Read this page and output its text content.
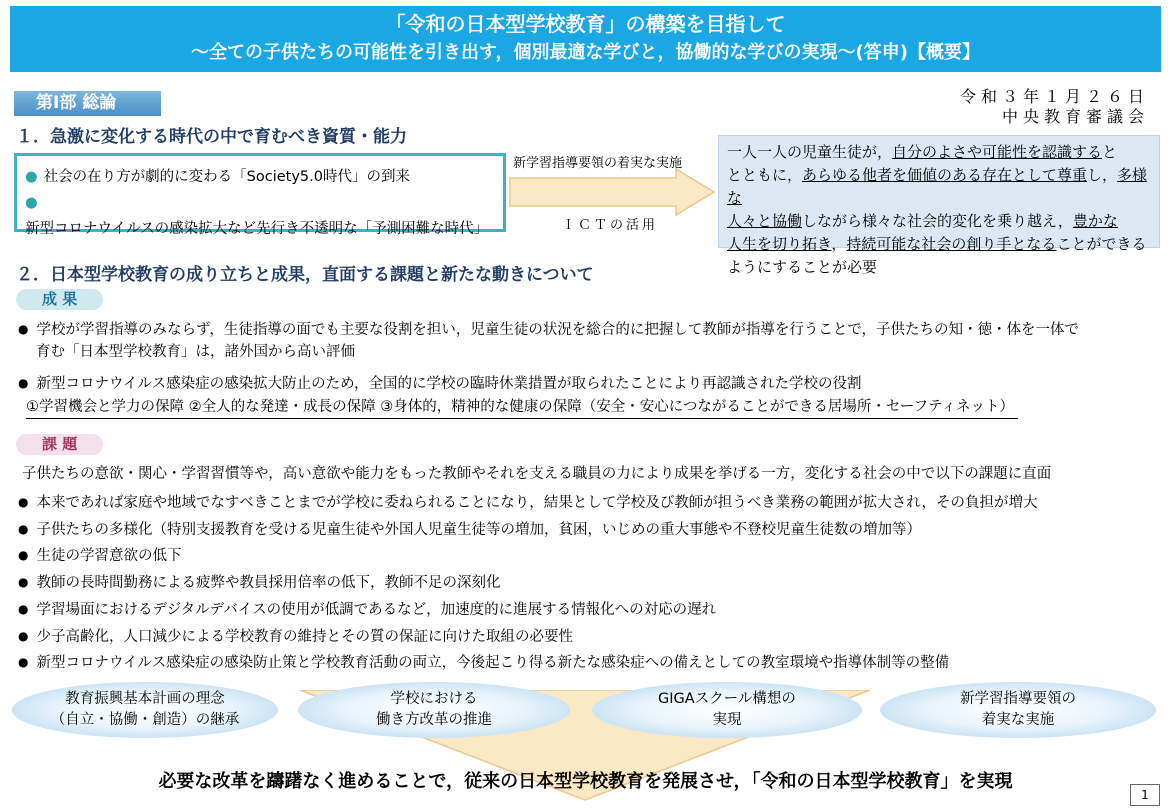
「令和の日本型学校教育」の構築を目指して
～全ての子供たちの可能性を引き出す，個別最適な学びと，協働的な学びの実現～(答申)【概要】
第Ⅰ部 総論	令和３年１月２６日
中央教育審議会
１．急激に変化する時代の中で育むべき資質・能力
● 社会の在り方が劇的に変わる「Society5.0時代」の到来
●新型コロナウイルスの感染拡大など先行き不透明な「予測困難な時代」
新学習指導要領の着実な実施
ＩＣＴの活用
一人一人の児童生徒が，自分のよさや可能性を認識すると
とともに，あらゆる他者を価値のある存在として尊重し，多様な
人々と協働しながら様々な社会的変化を乗り越え，豊かな
人生を切り拓き，持続可能な社会の創り手となることができる
ようにすることが必要
２．日本型学校教育の成り立ちと成果，直面する課題と新たな動きについて
成 果
● 学校が学習指導のみならず，生徒指導の面でも主要な役割を担い，児童生徒の状況を総合的に把握して教師が指導を行うことで，子供たちの知・徳・体を一体で
育む「日本型学校教育」は，諸外国から高い評価
● 新型コロナウイルス感染症の感染拡大防止のため，全国的に学校の臨時休業措置が取られたことにより再認識された学校の役割
①学習機会と学力の保障 ②全人的な発達・成長の保障 ③身体的，精神的な健康の保障（安全・安心につながることができる居場所・セーフティネット）
課 題
子供たちの意欲・関心・学習習慣等や，高い意欲や能力をもった教師やそれを支える職員の力により成果を挙げる一方，変化する社会の中で以下の課題に直面
● 本来であれば家庭や地域でなすべきことまでが学校に委ねられることになり，結果として学校及び教師が担うべき業務の範囲が拡大され，その負担が増大
● 子供たちの多様化（特別支援教育を受ける児童生徒や外国人児童生徒等の増加，貧困，いじめの重大事態や不登校児童生徒数の増加等）
● 生徒の学習意欲の低下
● 教師の長時間勤務による疲弊や教員採用倍率の低下，教師不足の深刻化
● 学習場面におけるデジタルデバイスの使用が低調であるなど，加速度的に進展する情報化への対応の遅れ
● 少子高齢化，人口減少による学校教育の維持とその質の保証に向けた取組の必要性
● 新型コロナウイルス感染症の感染防止策と学校教育活動の両立，今後起こり得る新たな感染症への備えとしての教室環境や指導体制等の整備
教育振興基本計画の理念
（自立・協働・創造）の継承
学校における
働き方改革の推進
GIGAスクール構想の
実現
新学習指導要領の
着実な実施
必要な改革を躊躇なく進めることで，従来の日本型学校教育を発展させ，「令和の日本型学校教育」を実現
1
